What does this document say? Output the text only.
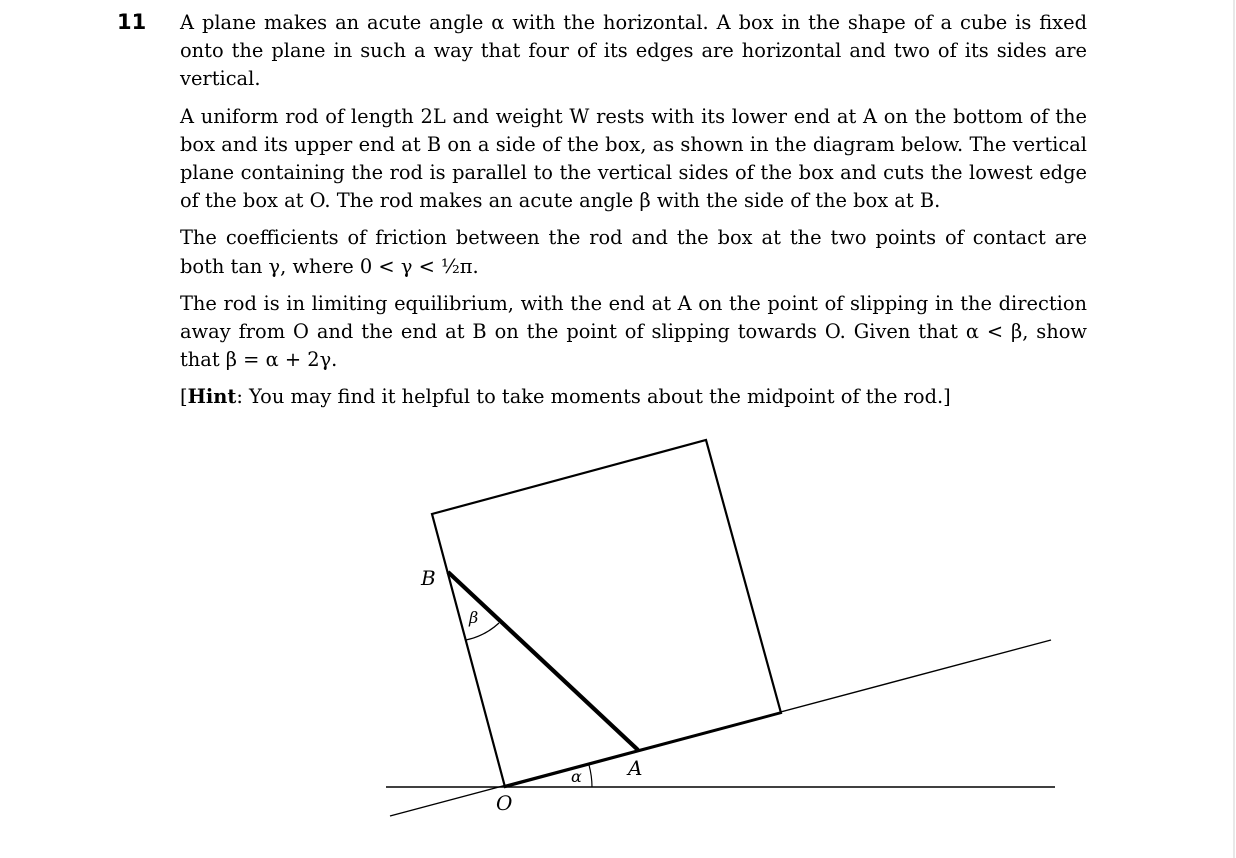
11 A plane makes an acute angle α with the horizontal. A box in the shape of a cube is fixed onto the plane in such a way that four of its edges are horizontal and two of its sides are vertical.

A uniform rod of length 2L and weight W rests with its lower end at A on the bottom of the box and its upper end at B on a side of the box, as shown in the diagram below. The vertical plane containing the rod is parallel to the vertical sides of the box and cuts the lowest edge of the box at O. The rod makes an acute angle β with the side of the box at B.

The coefficients of friction between the rod and the box at the two points of contact are both tan γ, where 0 < γ < ½π.

The rod is in limiting equilibrium, with the end at A on the point of slipping in the direction away from O and the end at B on the point of slipping towards O. Given that α < β, show that β = α + 2γ.

[Hint: You may find it helpful to take moments about the midpoint of the rod.]

B
β
A
α
O
